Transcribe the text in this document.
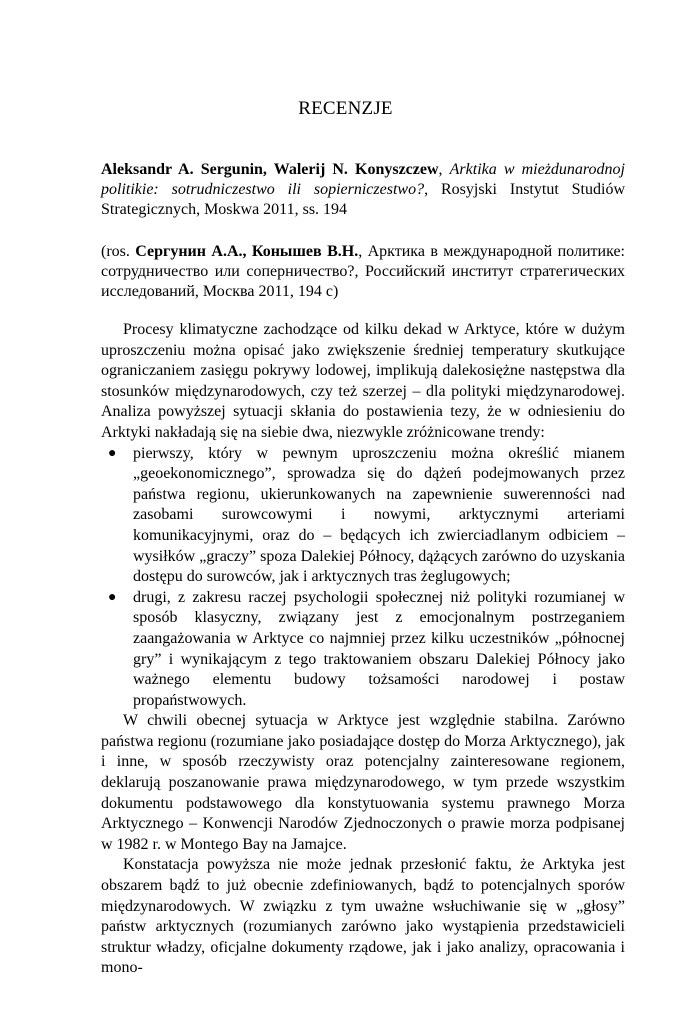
RECENZJE
Aleksandr A. Sergunin, Walerij N. Konyszczew, Arktika w mieżdunarodnoj politikie: sotrudniczestwo ili sopierniczestwo?, Rosyjski Instytut Studiów Strategicznych, Moskwa 2011, ss. 194
(ros. Сергунин А.А., Конышев В.Н., Арктика в международной политике: сотрудничество или соперничество?, Российский институт стратегических исследований, Москва 2011, 194 с)

Procesy klimatyczne zachodzące od kilku dekad w Arktyce, które w dużym uproszczeniu można opisać jako zwiększenie średniej temperatury skutkujące ograniczaniem zasięgu pokrywy lodowej, implikują dalekosiężne następstwa dla stosunków międzynarodowych, czy też szerzej – dla polityki międzynarodowej. Analiza powyższej sytuacji skłania do postawienia tezy, że w odniesieniu do Arktyki nakładają się na siebie dwa, niezwykle zróżnicowane trendy:

● pierwszy, który w pewnym uproszczeniu można określić mianem „geoekonomicznego”, sprowadza się do dążeń podejmowanych przez państwa regionu, ukierunkowanych na zapewnienie suwerenności nad zasobami surowcowymi i nowymi, arktycznymi arteriami komunikacyjnymi, oraz do – będących ich zwierciadlanym odbiciem – wysiłków „graczy” spoza Dalekiej Północy, dążących zarówno do uzyskania dostępu do surowców, jak i arktycznych tras żeglugowych;
● drugi, z zakresu raczej psychologii społecznej niż polityki rozumianej w sposób klasyczny, związany jest z emocjonalnym postrzeganiem zaangażowania w Arktyce co najmniej przez kilku uczestników „północnej gry” i wynikającym z tego traktowaniem obszaru Dalekiej Północy jako ważnego elementu budowy tożsamości narodowej i postaw propaństwowych.

W chwili obecnej sytuacja w Arktyce jest względnie stabilna. Zarówno państwa regionu (rozumiane jako posiadające dostęp do Morza Arktycznego), jak i inne, w sposób rzeczywisty oraz potencjalny zainteresowane regionem, deklarują poszanowanie prawa międzynarodowego, w tym przede wszystkim dokumentu podstawowego dla konstytuowania systemu prawnego Morza Arktycznego – Konwencji Narodów Zjednoczonych o prawie morza podpisanej w 1982 r. w Montego Bay na Jamajce.

Konstatacja powyższa nie może jednak przesłonić faktu, że Arktyka jest obszarem bądź to już obecnie zdefiniowanych, bądź to potencjalnych sporów międzynarodowych. W związku z tym uważne wsłuchiwanie się w „głosy” państw arktycznych (rozumianych zarówno jako wystąpienia przedstawicieli struktur władzy, oficjalne dokumenty rządowe, jak i jako analizy, opracowania i mono-
